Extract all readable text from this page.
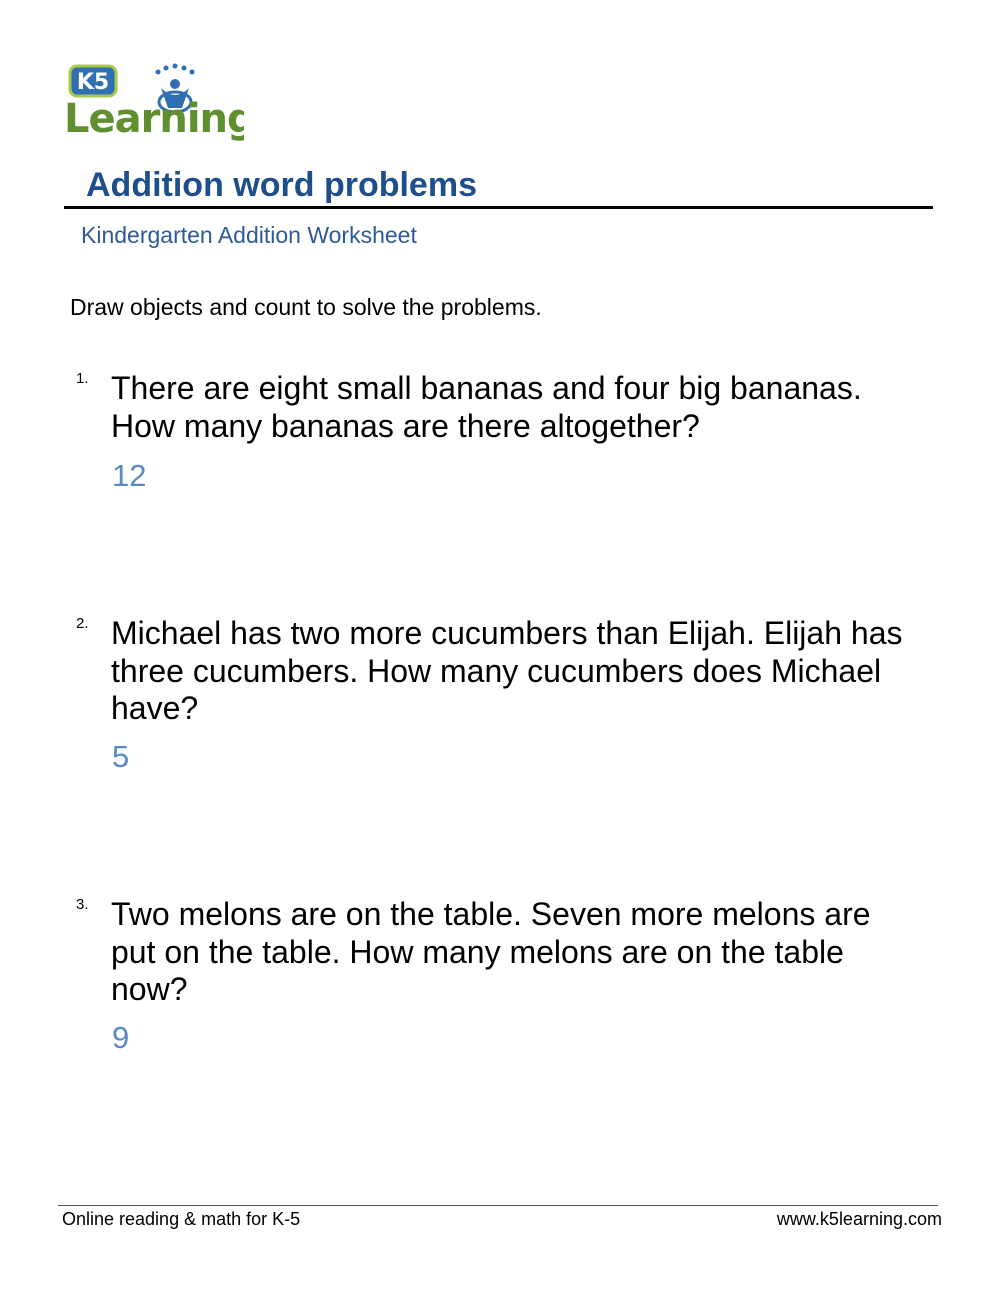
K5
Learning
Addition word problems
Kindergarten Addition Worksheet
Draw objects and count to solve the problems.
1. There are eight small bananas and four big bananas.
How many bananas are there altogether?
12
2. Michael has two more cucumbers than Elijah. Elijah has
three cucumbers. How many cucumbers does Michael
have?
5
3. Two melons are on the table. Seven more melons are
put on the table. How many melons are on the table
now?
9
Online reading & math for K-5	www.k5learning.com
